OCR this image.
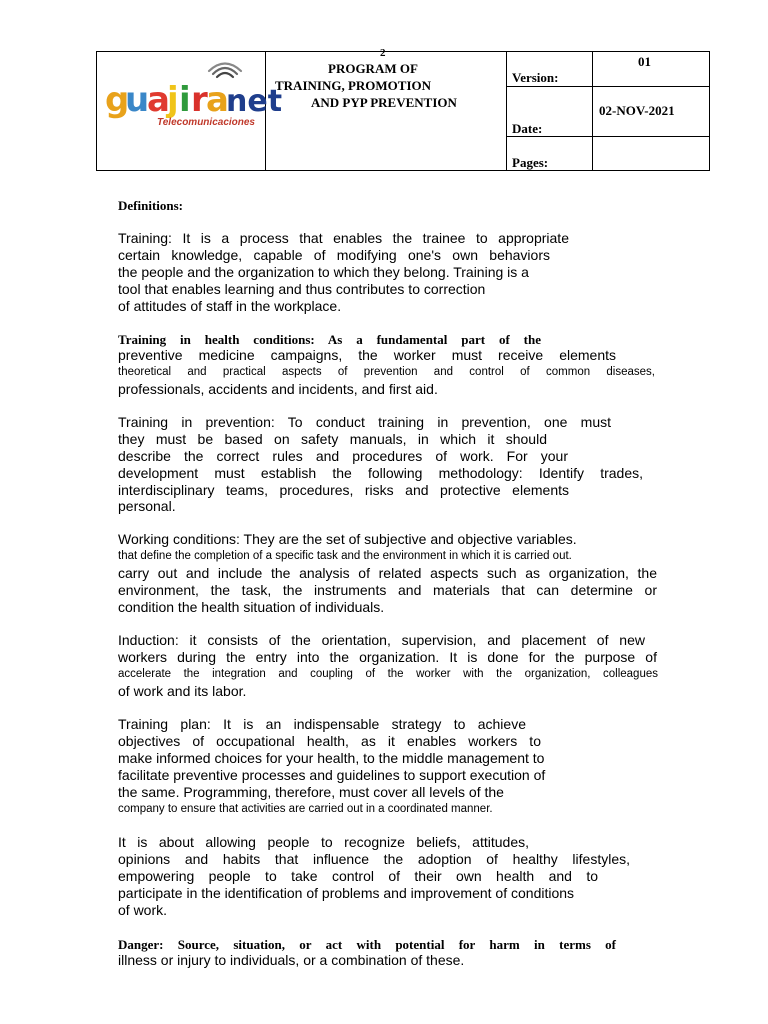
g
u
a
j i r
a
net
Telecomunicaciones
2
PROGRAM OF
TRAINING, PROMOTION
AND PYP PREVENTION
Version:
01
Date:
02-NOV-2021
Pages:
Definitions:
Training: It is a process that enables the trainee to appropriate
certain knowledge, capable of modifying one's own behaviors
the people and the organization to which they belong. Training is a
tool that enables learning and thus contributes to correction
of attitudes of staff in the workplace.
Training in health conditions: As a fundamental part of the
preventive medicine campaigns, the worker must receive elements
theoretical and practical aspects of prevention and control of common diseases,
professionals, accidents and incidents, and first aid.
Training in prevention: To conduct training in prevention, one must
they must be based on safety manuals, in which it should
describe the correct rules and procedures of work. For your
development must establish the following methodology: Identify trades,
interdisciplinary teams, procedures, risks and protective elements
personal.
Working conditions: They are the set of subjective and objective variables.
that define the completion of a specific task and the environment in which it is carried out.
carry out and include the analysis of related aspects such as organization, the
environment, the task, the instruments and materials that can determine or
condition the health situation of individuals.
Induction: it consists of the orientation, supervision, and placement of new
workers during the entry into the organization. It is done for the purpose of
accelerate the integration and coupling of the worker with the organization, colleagues
of work and its labor.
Training plan: It is an indispensable strategy to achieve
objectives of occupational health, as it enables workers to
make informed choices for your health, to the middle management to
facilitate preventive processes and guidelines to support execution of
the same. Programming, therefore, must cover all levels of the
company to ensure that activities are carried out in a coordinated manner.
It is about allowing people to recognize beliefs, attitudes,
opinions and habits that influence the adoption of healthy lifestyles,
empowering people to take control of their own health and to
participate in the identification of problems and improvement of conditions
of work.
Danger: Source, situation, or act with potential for harm in terms of
illness or injury to individuals, or a combination of these.
